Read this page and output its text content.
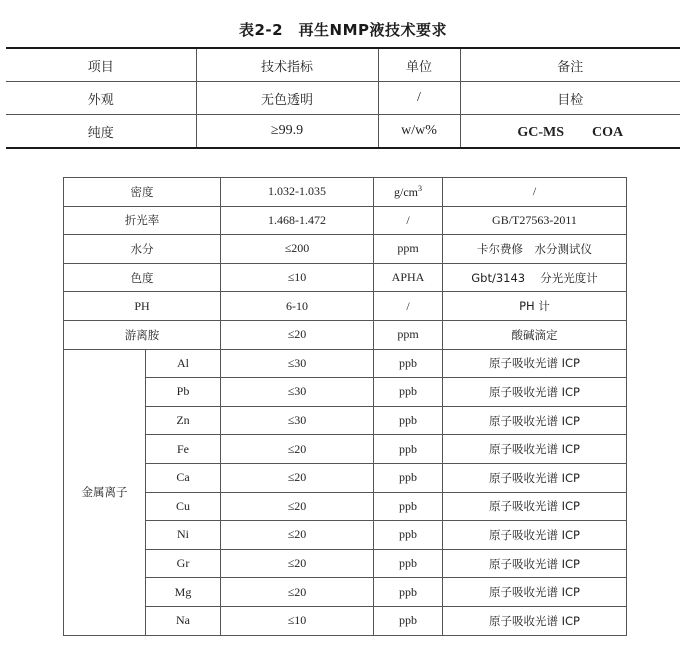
表2-2　再生NMP液技术要求
项目	技术指标	单位	备注
外观	无色透明	/	目检
纯度	≥99.9	w/w%	GC-MS　　COA
密度		1.032-1.035	$g/cm^3$	/
折光率		1.468-1.472	/	GB/T27563-2011
水分		≤200	ppm	卡尔费修　水分测试仪
色度		≤10	APHA	Gbt/3143　 分光光度计
PH		6-10	/	PH 计
游离胺		≤20	ppm	酸碱滴定
金属离子	Al	≤30	ppb	原子吸收光谱 ICP
	Pb	≤30	ppb	原子吸收光谱 ICP
	Zn	≤30	ppb	原子吸收光谱 ICP
	Fe	≤20	ppb	原子吸收光谱 ICP
	Ca	≤20	ppb	原子吸收光谱 ICP
	Cu	≤20	ppb	原子吸收光谱 ICP
	Ni	≤20	ppb	原子吸收光谱 ICP
	Gr	≤20	ppb	原子吸收光谱 ICP
	Mg	≤20	ppb	原子吸收光谱 ICP
	Na	≤10	ppb	原子吸收光谱 ICP
